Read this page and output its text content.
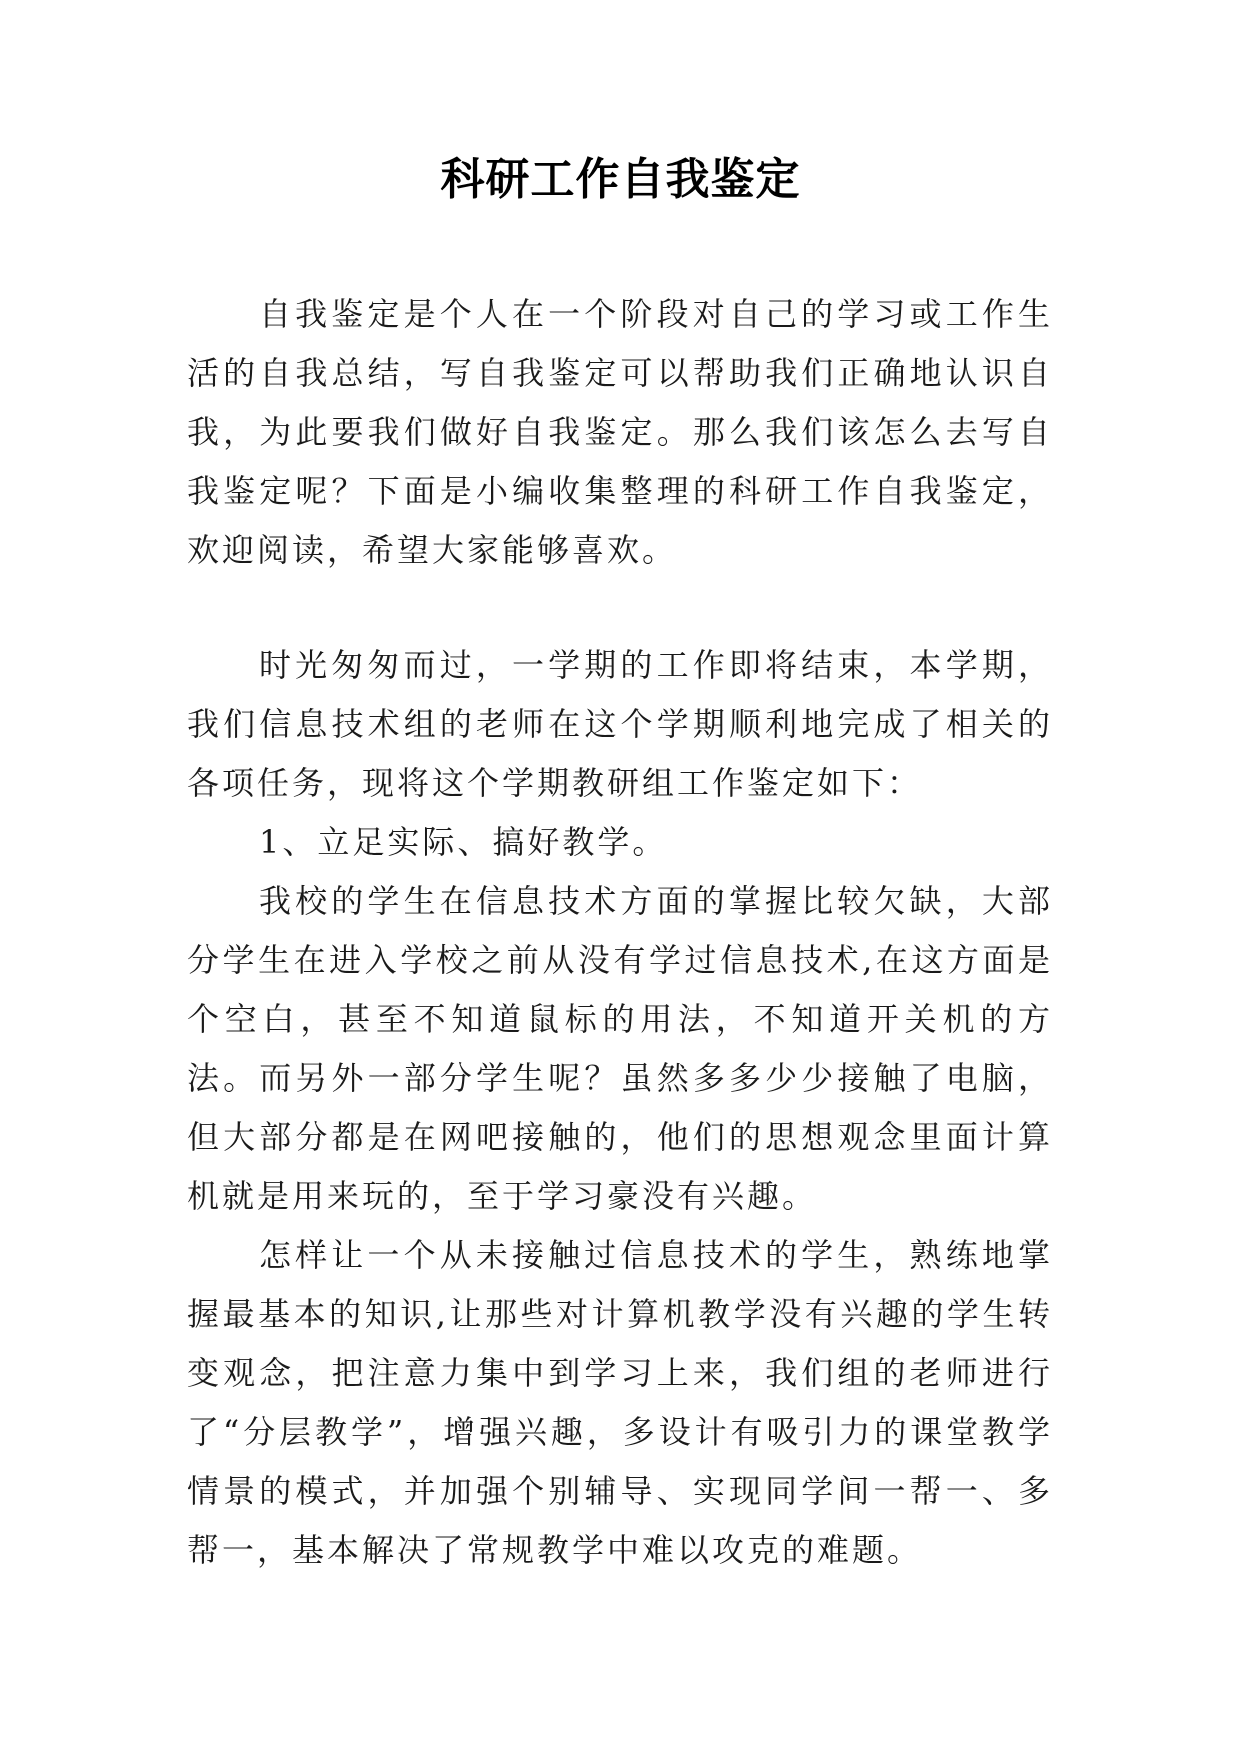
科研工作自我鉴定

自我鉴定是个人在一个阶段对自己的学习或工作生活的自我总结，写自我鉴定可以帮助我们正确地认识自我，为此要我们做好自我鉴定。那么我们该怎么去写自我鉴定呢？下面是小编收集整理的科研工作自我鉴定，欢迎阅读，希望大家能够喜欢。

时光匆匆而过，一学期的工作即将结束，本学期，我们信息技术组的老师在这个学期顺利地完成了相关的各项任务，现将这个学期教研组工作鉴定如下：

1、立足实际、搞好教学。

我校的学生在信息技术方面的掌握比较欠缺，大部分学生在进入学校之前从没有学过信息技术,在这方面是个空白，甚至不知道鼠标的用法，不知道开关机的方法。而另外一部分学生呢？虽然多多少少接触了电脑，但大部分都是在网吧接触的，他们的思想观念里面计算机就是用来玩的，至于学习豪没有兴趣。

怎样让一个从未接触过信息技术的学生，熟练地掌握最基本的知识,让那些对计算机教学没有兴趣的学生转变观念，把注意力集中到学习上来，我们组的老师进行了“分层教学”，增强兴趣，多设计有吸引力的课堂教学情景的模式，并加强个别辅导、实现同学间一帮一、多帮一，基本解决了常规教学中难以攻克的难题。
